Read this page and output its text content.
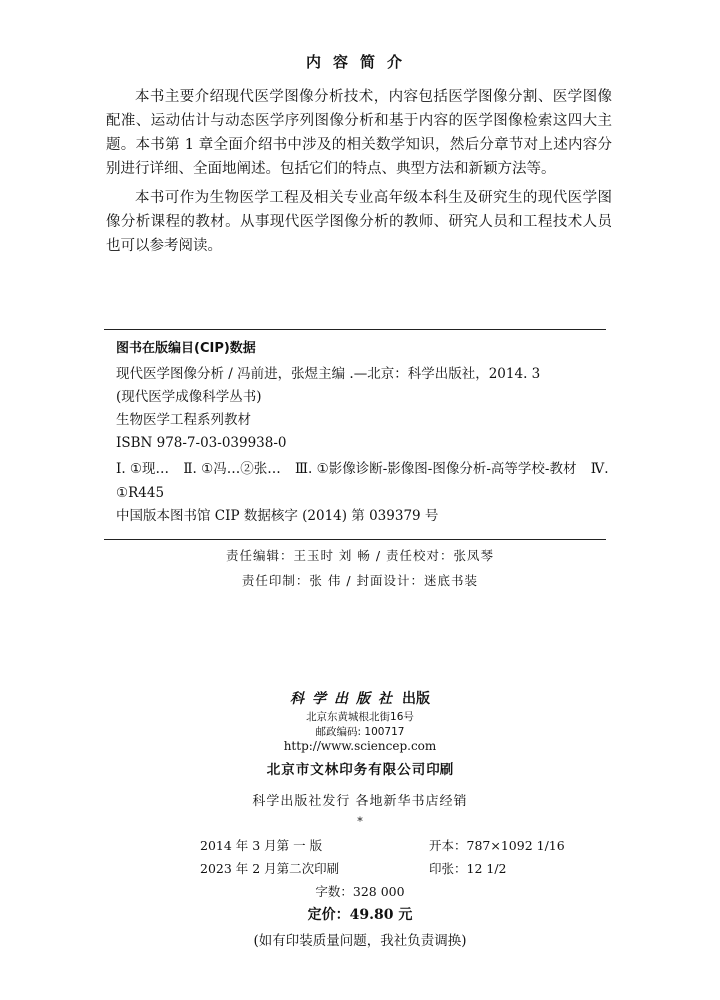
内容简介

本书主要介绍现代医学图像分析技术，内容包括医学图像分割、医学图像配准、运动估计与动态医学序列图像分析和基于内容的医学图像检索这四大主题。本书第 1 章全面介绍书中涉及的相关数学知识，然后分章节对上述内容分别进行详细、全面地阐述。包括它们的特点、典型方法和新颖方法等。

本书可作为生物医学工程及相关专业高年级本科生及研究生的现代医学图像分析课程的教材。从事现代医学图像分析的教师、研究人员和工程技术人员也可以参考阅读。

图书在版编目(CIP)数据
现代医学图像分析 / 冯前进，张煜主编 .—北京：科学出版社，2014. 3
(现代医学成像科学丛书)
生物医学工程系列教材
ISBN 978-7-03-039938-0
Ⅰ. ①现… Ⅱ. ①冯…②张… Ⅲ. ①影像诊断-影像图-图像分析-高等学校-教材 Ⅳ. ①R445
中国版本图书馆 CIP 数据核字 (2014) 第 039379 号
责任编辑：王玉时 刘 畅 / 责任校对：张凤琴
责任印制：张 伟 / 封面设计：迷底书装
科学出版社 出版
北京东黄城根北街16号
邮政编码: 100717
http://www.sciencep.com
北京市文林印务有限公司印刷
科学出版社发行 各地新华书店经销
*
2014 年 3 月第 一 版	开本：787×1092 1/16
2023 年 2 月第二次印刷	印张：12 1/2
字数：328 000
定价：49.80 元
(如有印装质量问题，我社负责调换)
